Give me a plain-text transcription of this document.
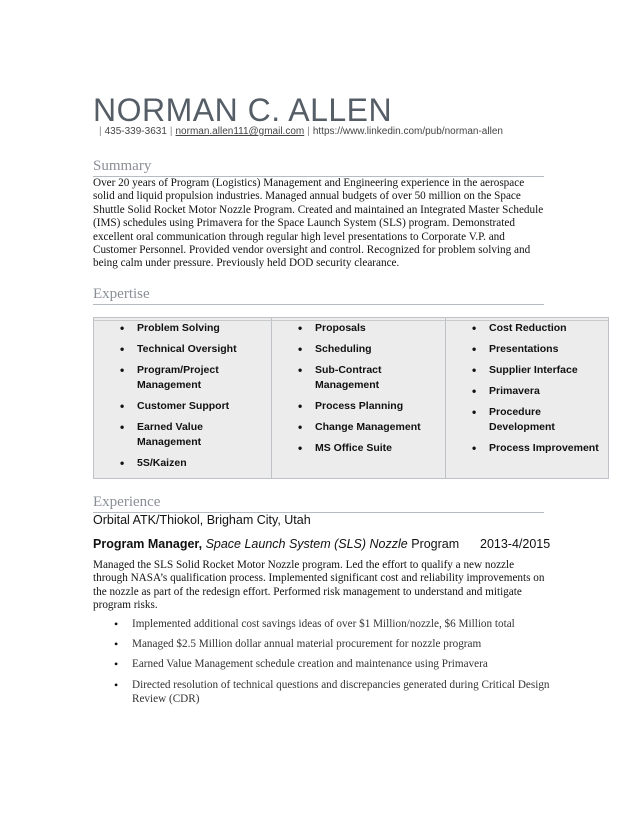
NORMAN C. ALLEN
| 435-339-3631 | norman.allen111@gmail.com | https://www.linkedin.com/pub/norman-allen
Summary
Over 20 years of Program (Logistics) Management and Engineering experience in the aerospace solid and liquid propulsion industries. Managed annual budgets of over 50 million on the Space Shuttle Solid Rocket Motor Nozzle Program. Created and maintained an Integrated Master Schedule (IMS) schedules using Primavera for the Space Launch System (SLS) program. Demonstrated excellent oral communication through regular high level presentations to Corporate V.P. and Customer Personnel. Provided vendor oversight and control. Recognized for problem solving and being calm under pressure. Previously held DOD security clearance.
Expertise
• Problem Solving
• Technical Oversight
• Program/Project Management
• Customer Support
• Earned Value Management
• 5S/Kaizen
• Proposals
• Scheduling
• Sub-Contract Management
• Process Planning
• Change Management
• MS Office Suite
• Cost Reduction
• Presentations
• Supplier Interface
• Primavera
• Procedure Development
• Process Improvement
Experience
Orbital ATK/Thiokol, Brigham City, Utah
Program Manager, Space Launch System (SLS) Nozzle Program 2013-4/2015
Managed the SLS Solid Rocket Motor Nozzle program. Led the effort to qualify a new nozzle through NASA’s qualification process. Implemented significant cost and reliability improvements on the nozzle as part of the redesign effort. Performed risk management to understand and mitigate program risks.
• Implemented additional cost savings ideas of over $1 Million/nozzle, $6 Million total
• Managed $2.5 Million dollar annual material procurement for nozzle program
• Earned Value Management schedule creation and maintenance using Primavera
• Directed resolution of technical questions and discrepancies generated during Critical Design Review (CDR)
